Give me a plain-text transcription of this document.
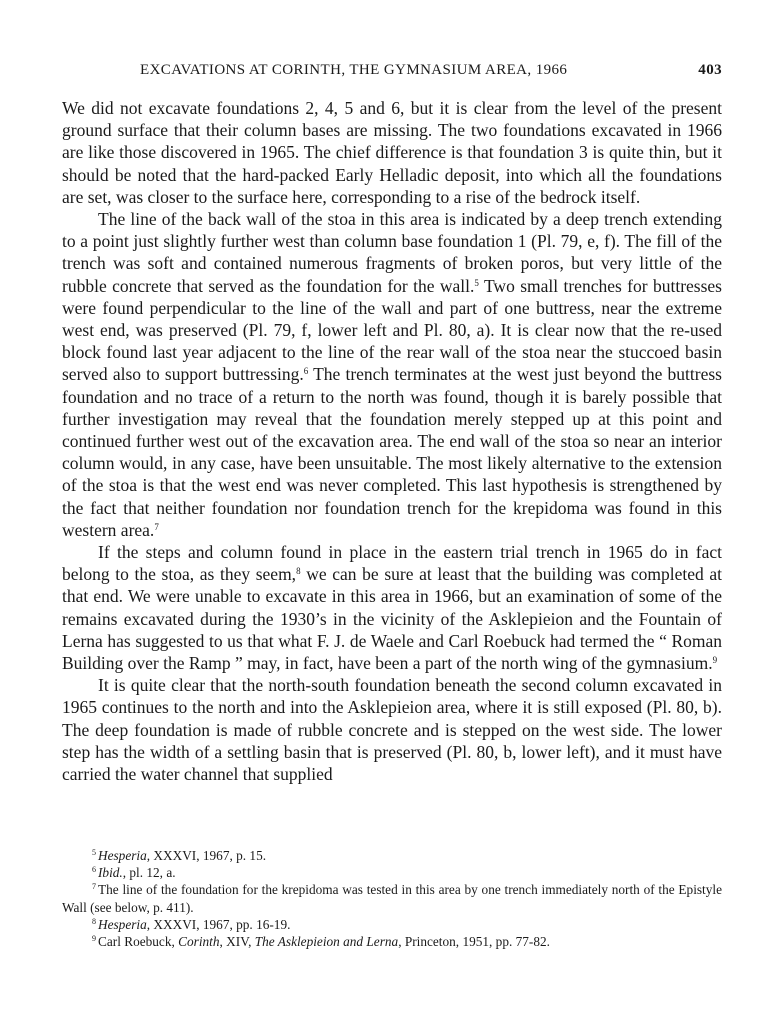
EXCAVATIONS AT CORINTH, THE GYMNASIUM AREA, 1966	403

We did not excavate foundations 2, 4, 5 and 6, but it is clear from the level of the present ground surface that their column bases are missing. The two foundations excavated in 1966 are like those discovered in 1965. The chief difference is that foundation 3 is quite thin, but it should be noted that the hard-packed Early Helladic deposit, into which all the foundations are set, was closer to the surface here, corresponding to a rise of the bedrock itself.

The line of the back wall of the stoa in this area is indicated by a deep trench extending to a point just slightly further west than column base foundation 1 (Pl. 79, e, f). The fill of the trench was soft and contained numerous fragments of broken poros, but very little of the rubble concrete that served as the foundation for the wall.$^5$ Two small trenches for buttresses were found perpendicular to the line of the wall and part of one buttress, near the extreme west end, was preserved (Pl. 79, f, lower left and Pl. 80, a). It is clear now that the re-used block found last year adjacent to the line of the rear wall of the stoa near the stuccoed basin served also to support buttressing.$^6$ The trench terminates at the west just beyond the buttress foundation and no trace of a return to the north was found, though it is barely possible that further investigation may reveal that the foundation merely stepped up at this point and continued further west out of the excavation area. The end wall of the stoa so near an interior column would, in any case, have been unsuitable. The most likely alternative to the extension of the stoa is that the west end was never completed. This last hypothesis is strengthened by the fact that neither foundation nor foundation trench for the krepidoma was found in this western area.$^7$

If the steps and column found in place in the eastern trial trench in 1965 do in fact belong to the stoa, as they seem,$^8$ we can be sure at least that the building was completed at that end. We were unable to excavate in this area in 1966, but an examination of some of the remains excavated during the 1930’s in the vicinity of the Asklepieion and the Fountain of Lerna has suggested to us that what F. J. de Waele and Carl Roebuck had termed the “ Roman Building over the Ramp ” may, in fact, have been a part of the north wing of the gymnasium.$^9$

It is quite clear that the north-south foundation beneath the second column excavated in 1965 continues to the north and into the Asklepieion area, where it is still exposed (Pl. 80, b). The deep foundation is made of rubble concrete and is stepped on the west side. The lower step has the width of a settling basin that is preserved (Pl. 80, b, lower left), and it must have carried the water channel that supplied

$^5$ Hesperia, XXXVI, 1967, p. 15.

$^6$ Ibid., pl. 12, a.

$^7$ The line of the foundation for the krepidoma was tested in this area by one trench immediately north of the Epistyle Wall (see below, p. 411).

$^8$ Hesperia, XXXVI, 1967, pp. 16-19.

$^9$ Carl Roebuck, Corinth, XIV, The Asklepieion and Lerna, Princeton, 1951, pp. 77-82.
